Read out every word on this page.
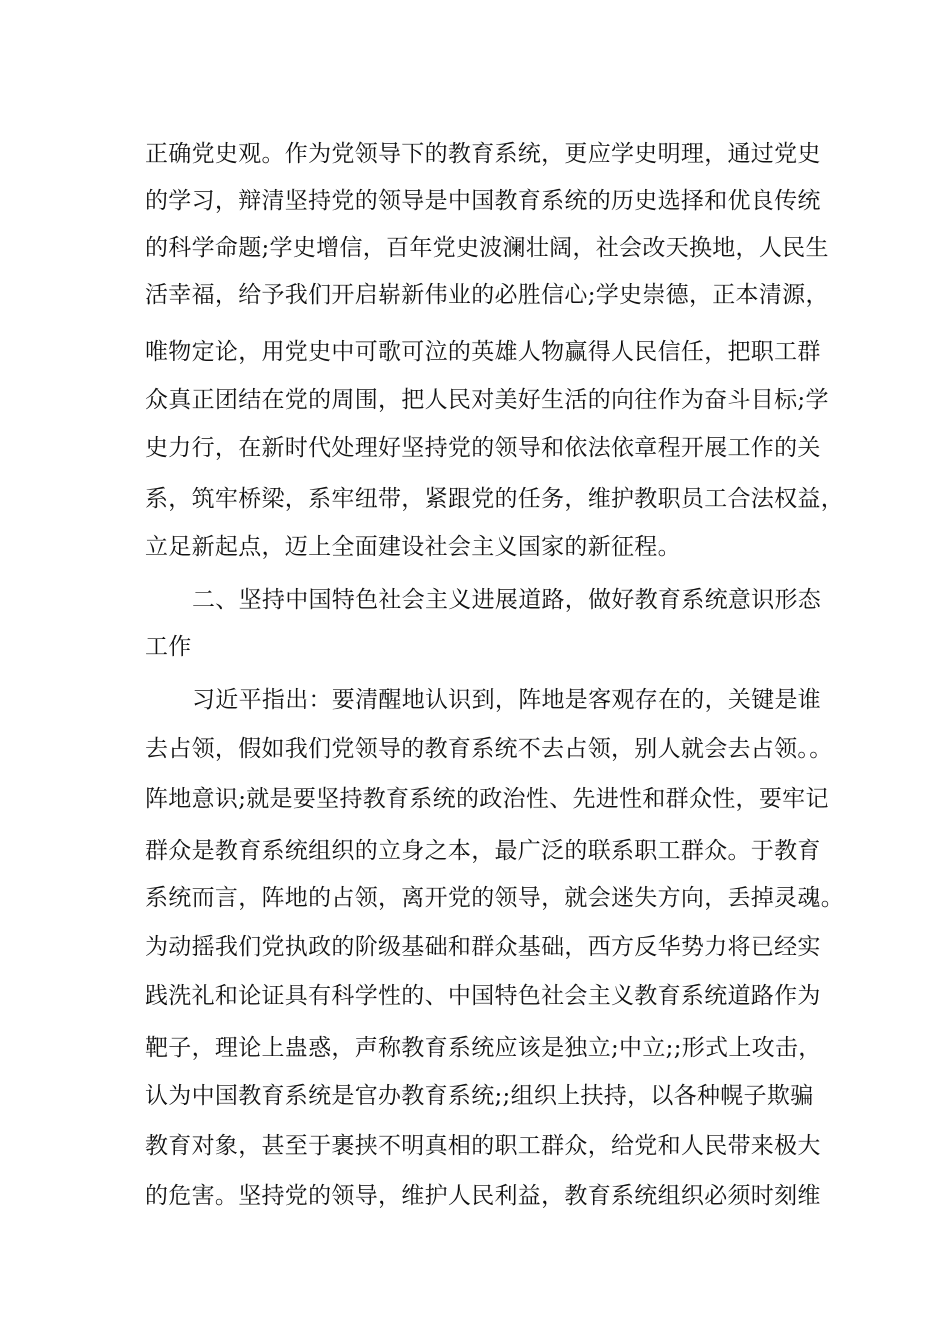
正确党史观。作为党领导下的教育系统，更应学史明理，通过党史
的学习，辩清坚持党的领导是中国教育系统的历史选择和优良传统
的科学命题;学史增信，百年党史波澜壮阔，社会改天换地，人民生
活幸福，给予我们开启崭新伟业的必胜信心;学史崇德，正本清源，
唯物定论，用党史中可歌可泣的英雄人物赢得人民信任，把职工群
众真正团结在党的周围，把人民对美好生活的向往作为奋斗目标;学
史力行，在新时代处理好坚持党的领导和依法依章程开展工作的关
系，筑牢桥梁，系牢纽带，紧跟党的任务，维护教职员工合法权益，
立足新起点，迈上全面建设社会主义国家的新征程。
二、坚持中国特色社会主义进展道路，做好教育系统意识形态
工作
习近平指出：要清醒地认识到，阵地是客观存在的，关键是谁
去占领，假如我们党领导的教育系统不去占领，别人就会去占领。。
阵地意识;就是要坚持教育系统的政治性、先进性和群众性，要牢记
群众是教育系统组织的立身之本，最广泛的联系职工群众。于教育
系统而言，阵地的占领，离开党的领导，就会迷失方向，丢掉灵魂。
为动摇我们党执政的阶级基础和群众基础，西方反华势力将已经实
践洗礼和论证具有科学性的、中国特色社会主义教育系统道路作为
靶子，理论上蛊惑，声称教育系统应该是独立;中立;;形式上攻击，
认为中国教育系统是官办教育系统;;组织上扶持，以各种幌子欺骗
教育对象，甚至于裹挟不明真相的职工群众，给党和人民带来极大
的危害。坚持党的领导，维护人民利益，教育系统组织必须时刻维
